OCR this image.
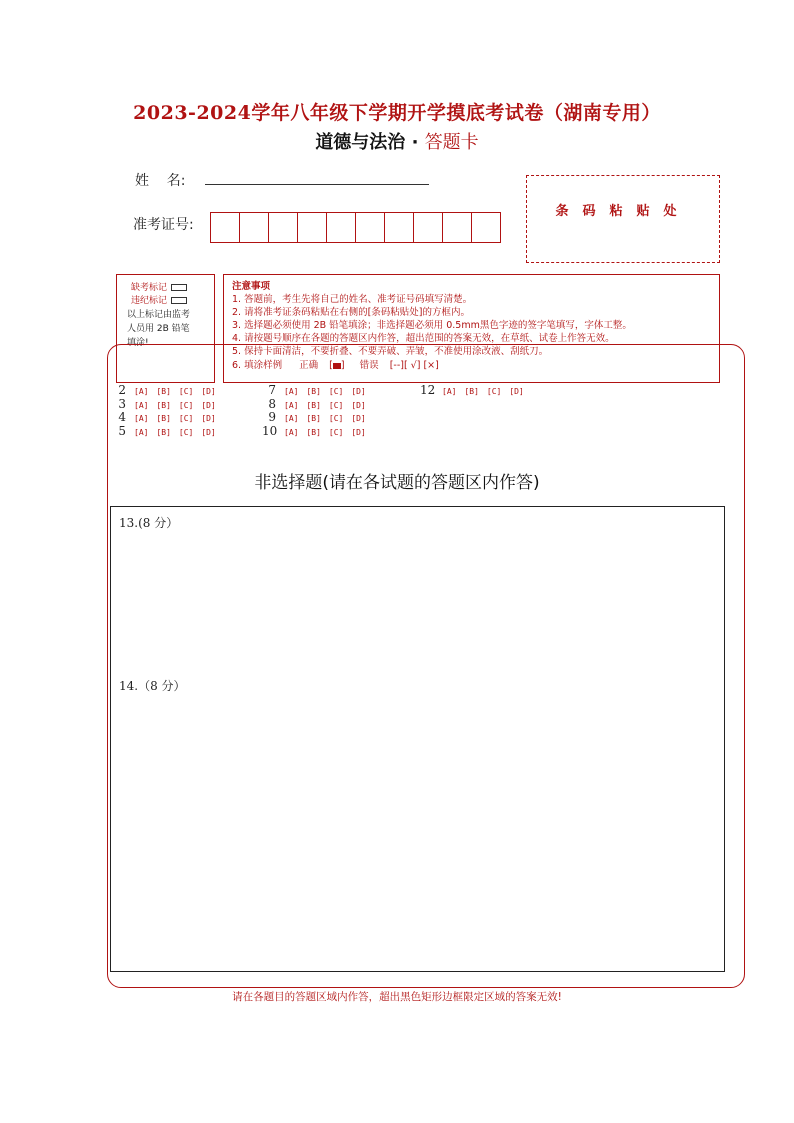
2023-2024学年八年级下学期开学摸底考试卷（湖南专用）
道德与法治 · 答题卡
姓    名:
准考证号:
条码粘贴处
缺考标记
违纪标记
以上标记由监考
人员用 2B 铅笔
填涂!
注意事项
1. 答题前，考生先将自己的姓名、准考证号码填写清楚。
2. 请将准考证条码粘贴在右侧的[条码粘贴处]的方框内。
3. 选择题必须使用 2B 铅笔填涂；非选择题必须用 0.5mm黑色字迹的签字笔填写，字体工整。
4. 请按题号顺序在各题的答题区内作答，超出范围的答案无效，在草纸、试卷上作答无效。
5. 保持卡面清洁，不要折叠、不要弄破、弄皱，不准使用涂改液、刮纸刀。
6. 填涂样例 正确 [ ] 错误 [--][ √] [×]
2 [A] [B] [C] [D]
3 [A] [B] [C] [D]
4 [A] [B] [C] [D]
5 [A] [B] [C] [D]
7 [A] [B] [C] [D]
8 [A] [B] [C] [D]
9 [A] [B] [C] [D]
10 [A] [B] [C] [D]
12 [A] [B] [C] [D]
非选择题(请在各试题的答题区内作答)
13.(8 分）
14.（8 分）
请在各题目的答题区域内作答，超出黑色矩形边框限定区域的答案无效!
